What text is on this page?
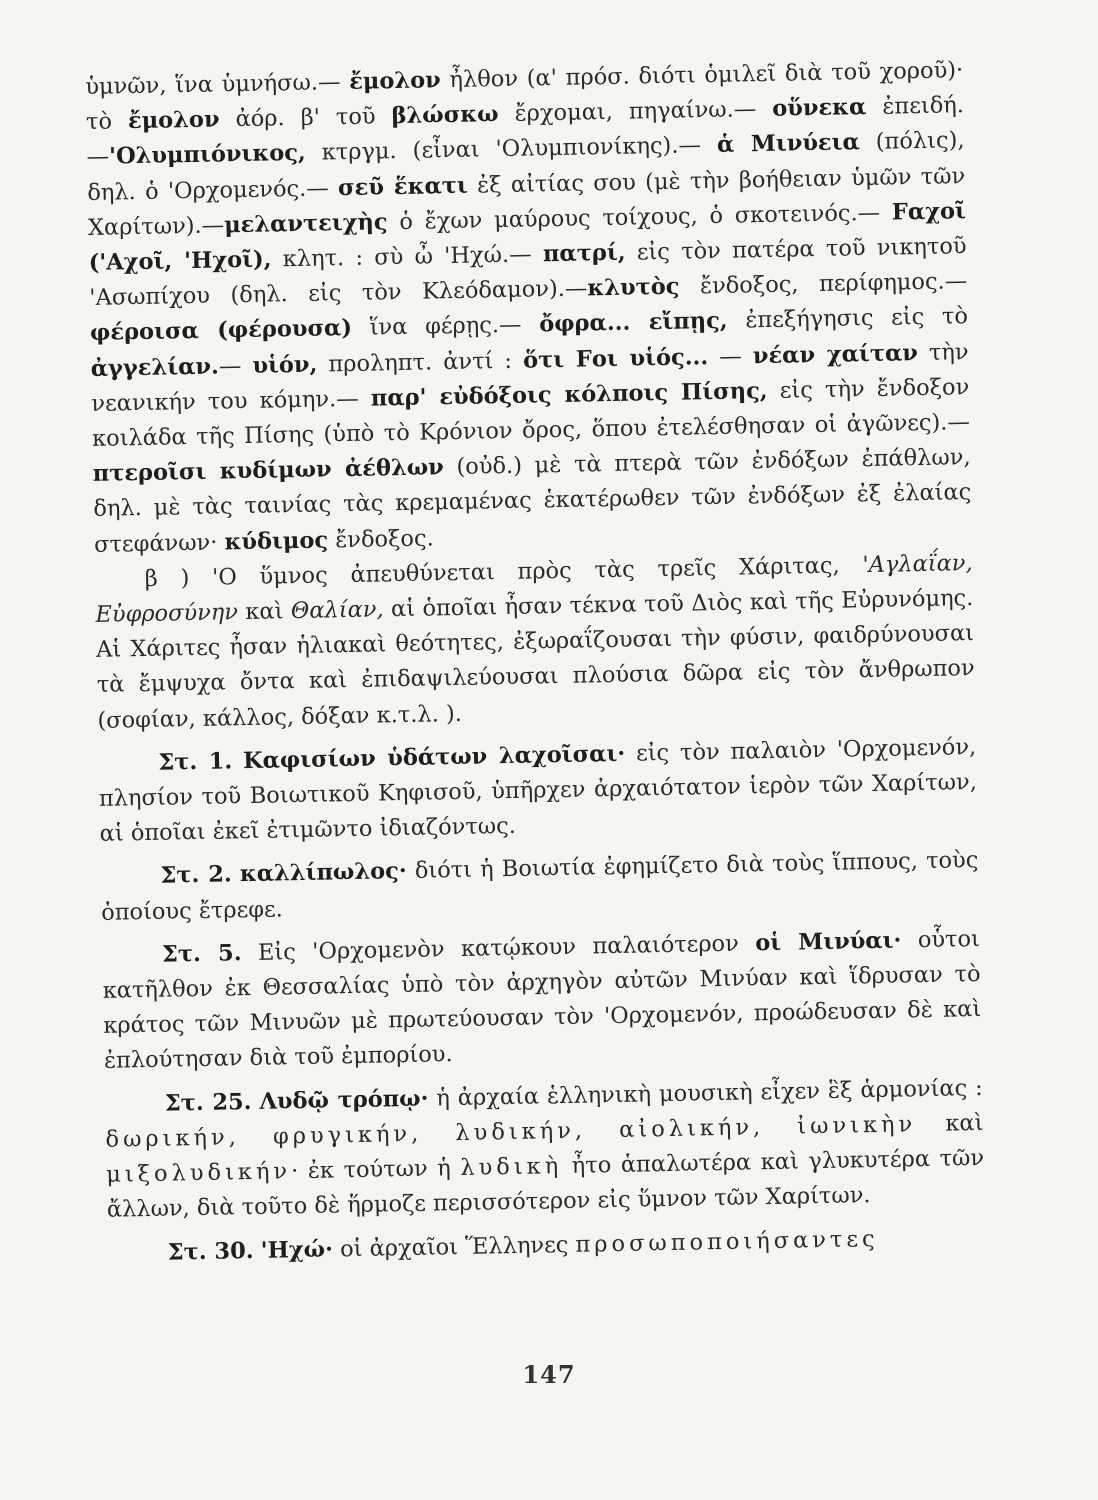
ὑμνῶν, ἵνα ὑμνήσω.— ἔμολον ἦλθον (α' πρόσ. διότι ὁμιλεῖ διὰ τοῦ χοροῦ)· τὸ ἔμολον ἀόρ. β' τοῦ βλώσκω ἔρχομαι, πηγαίνω.— οὕνεκα ἐπειδή.—'Ολυμπιόνικος, κτργμ. (εἶναι 'Ολυμπιονίκης).— ἁ Μινύεια (πόλις), δηλ. ὁ 'Ορχομενός.— σεῦ ἕκατι ἐξ αἰτίας σου (μὲ τὴν βοήθειαν ὑμῶν τῶν Χαρίτων).—μελαντειχὴς ὁ ἔχων μαύρους τοίχους, ὁ σκοτεινός.— Fαχοῖ ('Αχοῖ, 'Ηχοῖ), κλητ. : σὺ ὦ 'Ηχώ.— πατρί, εἰς τὸν πατέρα τοῦ νικητοῦ 'Ασωπίχου (δηλ. εἰς τὸν Κλεόδαμον).—κλυτὸς ἔνδοξος, περίφημος.—φέροισα (φέρουσα) ἵνα φέρῃς.— ὄφρα... εἴπῃς, ἐπεξήγησις εἰς τὸ ἀγγελίαν.— υἱόν, προληπτ. ἀντί : ὅτι Fοι υἱός... — νέαν χαίταν τὴν νεανικήν του κόμην.— παρ' εὐδόξοις κόλποις Πίσης, εἰς τὴν ἔνδοξον κοιλάδα τῆς Πίσης (ὑπὸ τὸ Κρόνιον ὄρος, ὅπου ἐτελέσθησαν οἱ ἀγῶνες).— πτεροῖσι κυδίμων ἀέθλων (οὐδ.) μὲ τὰ πτερὰ τῶν ἐνδόξων ἐπάθλων, δηλ. μὲ τὰς ταινίας τὰς κρεμαμένας ἑκατέρωθεν τῶν ἐνδόξων ἐξ ἐλαίας στεφάνων· κύδιμος ἔνδοξος.

β ) 'Ο ὕμνος ἀπευθύνεται πρὸς τὰς τρεῖς Χάριτας, 'Αγλαΐαν, Εὐφροσύνην καὶ Θαλίαν, αἱ ὁποῖαι ἦσαν τέκνα τοῦ Διὸς καὶ τῆς Εὐρυνόμης. Αἱ Χάριτες ἦσαν ἡλιακαὶ θεότητες, ἐξωραΐζουσαι τὴν φύσιν, φαιδρύνουσαι τὰ ἔμψυχα ὄντα καὶ ἐπιδαψιλεύουσαι πλούσια δῶρα εἰς τὸν ἄνθρωπον (σοφίαν, κάλλος, δόξαν κ.τ.λ. ).

Στ. 1. Καφισίων ὑδάτων λαχοῖσαι· εἰς τὸν παλαιὸν 'Ορχομενόν, πλησίον τοῦ Βοιωτικοῦ Κηφισοῦ, ὑπῆρχεν ἀρχαιότατον ἱερὸν τῶν Χαρίτων, αἱ ὁποῖαι ἐκεῖ ἐτιμῶντο ἰδιαζόντως.

Στ. 2. καλλίπωλος· διότι ἡ Βοιωτία ἐφημίζετο διὰ τοὺς ἵππους, τοὺς ὁποίους ἔτρεφε.

Στ. 5. Εἰς 'Ορχομενὸν κατῴκουν παλαιότερον οἱ Μινύαι· οὗτοι κατῆλθον ἐκ Θεσσαλίας ὑπὸ τὸν ἀρχηγὸν αὐτῶν Μινύαν καὶ ἵδρυσαν τὸ κράτος τῶν Μινυῶν μὲ πρωτεύουσαν τὸν 'Ορχομενόν, προώδευσαν δὲ καὶ ἐπλούτησαν διὰ τοῦ ἐμπορίου.

Στ. 25. Λυδῷ τρόπῳ· ἡ ἀρχαία ἑλληνικὴ μουσικὴ εἶχεν ἓξ ἁρμονίας : δωρικήν, φρυγικήν, λυδικήν, αἰολικήν, ἰωνικὴν καὶ μιξολυδικήν· ἐκ τούτων ἡ λυδικὴ ἦτο ἁπαλωτέρα καὶ γλυκυτέρα τῶν ἄλλων, διὰ τοῦτο δὲ ἥρμοζε περισσότερον εἰς ὕμνον τῶν Χαρίτων.

Στ. 30. 'Ηχώ· οἱ ἀρχαῖοι Ἕλληνες προσωποποιήσαντες

147
